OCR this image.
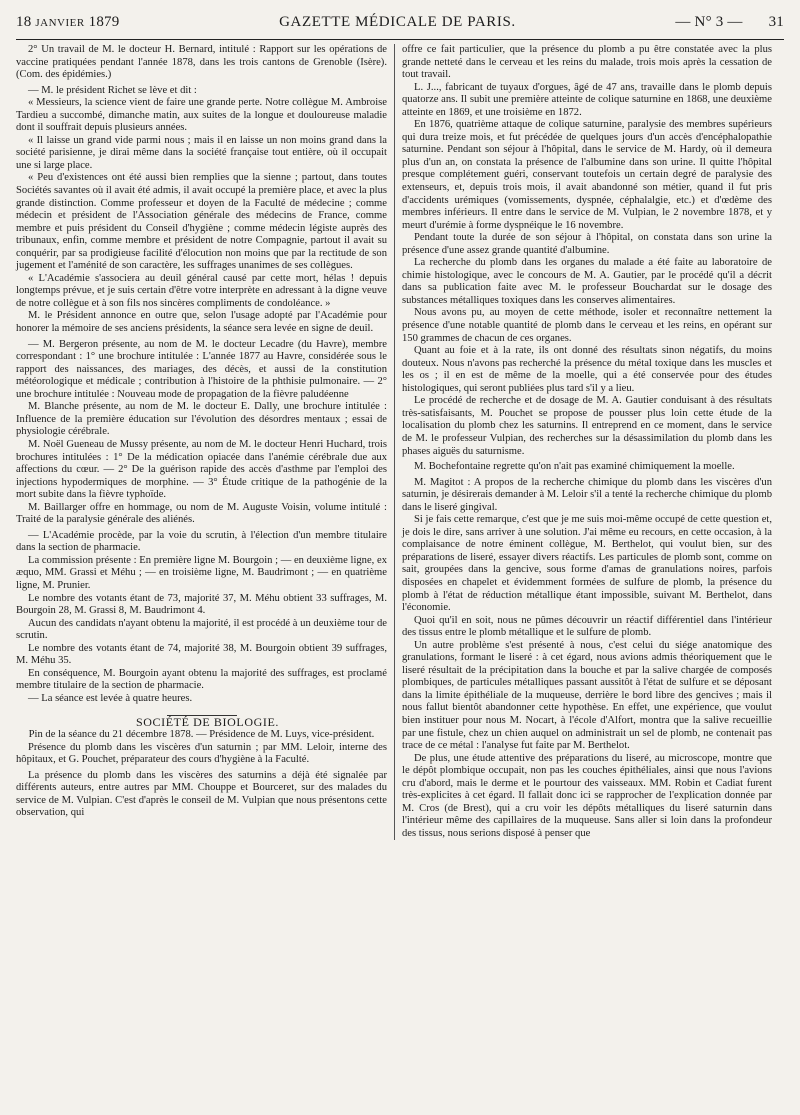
18 JANVIER 1879	GAZETTE MÉDICALE DE PARIS.	— N° 3 — 31

2° Un travail de M. le docteur H. Bernard, intitulé : Rapport sur les opérations de vaccine pratiquées pendant l'année 1878, dans les trois cantons de Grenoble (Isère). (Com. des épidémies.)

— M. le président Richet se lève et dit :

« Messieurs, la science vient de faire une grande perte. Notre collègue M. Ambroise Tardieu a succombé, dimanche matin, aux suites de la longue et douloureuse maladie dont il souffrait depuis plusieurs années.

« Il laisse un grand vide parmi nous ; mais il en laisse un non moins grand dans la société parisienne, je dirai même dans la société française tout entière, où il occupait une si large place.

« Peu d'existences ont été aussi bien remplies que la sienne ; partout, dans toutes Sociétés savantes où il avait été admis, il avait occupé la première place, et avec la plus grande distinction. Comme professeur et doyen de la Faculté de médecine ; comme médecin et président de l'Association générale des médecins de France, comme membre et puis président du Conseil d'hygiène ; comme médecin légiste auprès des tribunaux, enfin, comme membre et président de notre Compagnie, partout il avait su conquérir, par sa prodigieuse facilité d'élocution non moins que par la rectitude de son jugement et l'aménité de son caractère, les suffrages unanimes de ses collègues.

« L'Académie s'associera au deuil général causé par cette mort, hélas ! depuis longtemps prévue, et je suis certain d'être votre interprète en adressant à la digne veuve de notre collègue et à son fils nos sincères compliments de condoléance. »

M. le Président annonce en outre que, selon l'usage adopté par l'Académie pour honorer la mémoire de ses anciens présidents, la séance sera levée en signe de deuil.

— M. Bergeron présente, au nom de M. le docteur Lecadre (du Havre), membre correspondant : 1° une brochure intitulée : L'année 1877 au Havre, considérée sous le rapport des naissances, des mariages, des décès, et aussi de la constitution météorologique et médicale ; contribution à l'histoire de la phthisie pulmonaire. — 2° une brochure intitulée : Nouveau mode de propagation de la fièvre paludéenne

M. Blanche présente, au nom de M. le docteur E. Dally, une brochure intitulée : Influence de la première éducation sur l'évolution des désordres mentaux ; essai de physiologie cérébrale.

M. Noël Gueneau de Mussy présente, au nom de M. le docteur Henri Huchard, trois brochures intitulées : 1° De la médication opiacée dans l'anémie cérébrale due aux affections du cœur. — 2° De la guérison rapide des accès d'asthme par l'emploi des injections hypodermiques de morphine. — 3° Étude critique de la pathogénie de la mort subite dans la fièvre typhoïde.

M. Baillarger offre en hommage, ou nom de M. Auguste Voisin, volume intitulé : Traité de la paralysie générale des aliénés.

— L'Académie procède, par la voie du scrutin, à l'élection d'un membre titulaire dans la section de pharmacie.

La commission présente : En première ligne M. Bourgoin ; — en deuxième ligne, ex æquo, MM. Grassi et Méhu ; — en troisième ligne, M. Baudrimont ; — en quatrième ligne, M. Prunier.

Le nombre des votants étant de 73, majorité 37, M. Méhu obtient 33 suffrages, M. Bourgoin 28, M. Grassi 8, M. Baudrimont 4.

Aucun des candidats n'ayant obtenu la majorité, il est procédé à un deuxième tour de scrutin.

Le nombre des votants étant de 74, majorité 38, M. Bourgoin obtient 39 suffrages, M. Méhu 35.

En conséquence, M. Bourgoin ayant obtenu la majorité des suffrages, est proclamé membre titulaire de la section de pharmacie.

— La séance est levée à quatre heures.

SOCIÉTÉ DE BIOLOGIE.

Pin de la séance du 21 décembre 1878. — Présidence de M. Luys, vice-président.

Présence du plomb dans les viscères d'un saturnin ; par MM. Leloir, interne des hôpitaux, et G. Pouchet, préparateur des cours d'hygiène à la Faculté.

La présence du plomb dans les viscères des saturnins a déjà été signalée par différents auteurs, entre autres par MM. Chouppe et Bourceret, sur des malades du service de M. Vulpian. C'est d'après le conseil de M. Vulpian que nous présentons cette observation, qui

offre ce fait particulier, que la présence du plomb a pu être constatée avec la plus grande netteté dans le cerveau et les reins du malade, trois mois après la cessation de tout travail.

L. J..., fabricant de tuyaux d'orgues, âgé de 47 ans, travaille dans le plomb depuis quatorze ans. Il subit une première atteinte de colique saturnine en 1868, une deuxième atteinte en 1869, et une troisième en 1872.

En 1876, quatrième attaque de colique saturnine, paralysie des membres supérieurs qui dura treize mois, et fut précédée de quelques jours d'un accès d'encéphalopathie saturnine. Pendant son séjour à l'hôpital, dans le service de M. Hardy, où il demeura plus d'un an, on constata la présence de l'albumine dans son urine. Il quitte l'hôpital presque complétement guéri, conservant toutefois un certain degré de paralysie des extenseurs, et, depuis trois mois, il avait abandonné son métier, quand il fut pris d'accidents urémiques (vomissements, dyspnée, céphalalgie, etc.) et d'œdème des membres inférieurs. Il entre dans le service de M. Vulpian, le 2 novembre 1878, et y meurt d'urémie à forme dyspnéique le 16 novembre.

Pendant toute la durée de son séjour à l'hôpital, on constata dans son urine la présence d'une assez grande quantité d'albumine.

La recherche du plomb dans les organes du malade a été faite au laboratoire de chimie histologique, avec le concours de M. A. Gautier, par le procédé qu'il a décrit dans sa publication faite avec M. le professeur Bouchardat sur le dosage des substances métalliques toxiques dans les conserves alimentaires.

Nous avons pu, au moyen de cette méthode, isoler et reconnaître nettement la présence d'une notable quantité de plomb dans le cerveau et les reins, en opérant sur 150 grammes de chacun de ces organes.

Quant au foie et à la rate, ils ont donné des résultats sinon négatifs, du moins douteux. Nous n'avons pas recherché la présence du métal toxique dans les muscles et les os ; il en est de même de la moelle, qui a été conservée pour des études histologiques, qui seront publiées plus tard s'il y a lieu.

Le procédé de recherche et de dosage de M. A. Gautier conduisant à des résultats très-satisfaisants, M. Pouchet se propose de pousser plus loin cette étude de la localisation du plomb chez les saturnins. Il entreprend en ce moment, dans le service de M. le professeur Vulpian, des recherches sur la désassimilation du plomb dans les phases aiguës du saturnisme.

M. Bochefontaine regrette qu'on n'ait pas examiné chimiquement la moelle.

M. Magitot : A propos de la recherche chimique du plomb dans les viscères d'un saturnin, je désirerais demander à M. Leloir s'il a tenté la recherche chimique du plomb dans le liseré gingival.

Si je fais cette remarque, c'est que je me suis moi-même occupé de cette question et, je dois le dire, sans arriver à une solution. J'ai même eu recours, en cette occasion, à la complaisance de notre éminent collègue, M. Berthelot, qui voulut bien, sur des préparations de liseré, essayer divers réactifs. Les particules de plomb sont, comme on sait, groupées dans la gencive, sous forme d'amas de granulations noires, parfois disposées en chapelet et évidemment formées de sulfure de plomb, la présence du plomb à l'état de réduction métallique étant impossible, suivant M. Berthelot, dans l'économie.

Quoi qu'il en soit, nous ne pûmes découvrir un réactif différentiel dans l'intérieur des tissus entre le plomb métallique et le sulfure de plomb.

Un autre problème s'est présenté à nous, c'est celui du siége anatomique des granulations, formant le liseré : à cet égard, nous avions admis théoriquement que le liseré résultait de la précipitation dans la bouche et par la salive chargée de composés plombiques, de particules métalliques passant aussitôt à l'état de sulfure et se déposant dans la limite épithéliale de la muqueuse, derrière le bord libre des gencives ; mais il nous fallut bientôt abandonner cette hypothèse. En effet, une expérience, que voulut bien instituer pour nous M. Nocart, à l'école d'Alfort, montra que la salive recueillie par une fistule, chez un chien auquel on administrait un sel de plomb, ne contenait pas trace de ce métal : l'analyse fut faite par M. Berthelot.

De plus, une étude attentive des préparations du liseré, au microscope, montre que le dépôt plombique occupait, non pas les couches épithéliales, ainsi que nous l'avions cru d'abord, mais le derme et le pourtour des vaisseaux. MM. Robin et Cadiat furent très-explicites à cet égard. Il fallait donc ici se rapprocher de l'explication donnée par M. Cros (de Brest), qui a cru voir les dépôts métalliques du liseré saturnin dans l'intérieur même des capillaires de la muqueuse. Sans aller si loin dans la profondeur des tissus, nous serions disposé à penser que
